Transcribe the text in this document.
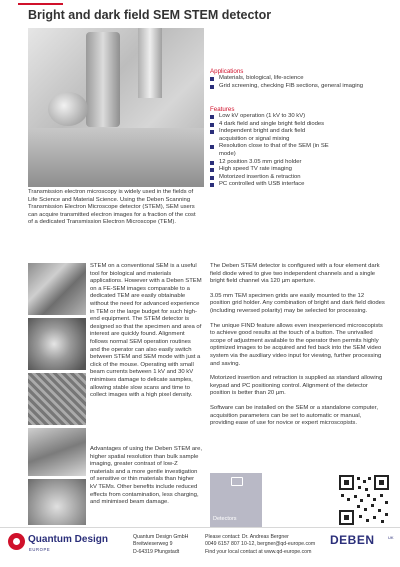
Bright and dark field SEM STEM detector
Applications
Materials, biological, life-science
Grid screening, checking FIB sections, general imaging
Features
Low kV operation (1 kV to 30 kV)
4 dark field and single bright field diodes
Independent bright and dark field acquisition or signal mixing
Resolution close to that of the SEM (in SE mode)
12 position 3.05 mm grid holder
High speed TV rate imaging
Motorized insertion & retraction
PC controlled with USB interface
Transmission electron microscopy is widely used in the fields of Life Science and Material Science. Using the Deben Scanning Transmission Electron Microscope detector (STEM), SEM users can acquire transmitted electron images for a fraction of the cost of a dedicated Transmission Electron Microscope (TEM).
STEM on a conventional SEM is a useful tool for biological and materials applications. However with a Deben STEM on a FE-SEM images comparable to a dedicated TEM are easily obtainable without the need for advanced experience in TEM or the large budget for such high-end equipment. The STEM detector is designed so that the specimen and area of interest are quickly found. Alignment follows normal SEM operation routines and the operator can also easily switch between STEM and SEM mode with just a click of the mouse. Operating with small beam currents between 1 kV and 30 kV minimises damage to delicate samples, allowing stable slow scans and time to collect images with a high pixel density.
Advantages of using the Deben STEM are, higher spatial resolution than bulk sample imaging, greater contrast of low-Z materials and a more gentle investigation of sensitive or thin materials than higher kV TEMs. Other benefits include reduced effects from contamination, less charging, and minimised beam damage.
The Deben STEM detector is configured with a four element dark field diode wired to give two independent channels and a single bright field channel via 120 µm aperture.
3.05 mm TEM specimen grids are easily mounted to the 12 position grid holder. Any combination of bright and dark field diodes (including reversed polarity) may be selected for processing.
The unique FIND feature allows even inexperienced microscopists to achieve good results at the touch of a button. The unrivalled scope of adjustment available to the operator then permits highly optimized images to be acquired and fed back into the SEM video system via the auxiliary video input for viewing, further processing and saving.
Motorized insertion and retraction is supplied as standard allowing keypad and PC positioning control. Alignment of the detector position is better than 20 µm.
Software can be installed on the SEM or a standalone computer, acquisition parameters can be set to automatic or manual, providing ease of use for novice or expert microscopists.
Detectors
Quantum Design
EUROPE
Quantum Design GmbH
Breitwieserweg 9
D-64319 Pfungstadt
Please contact: Dr. Andreas Bergner
0049 6157 807 10-12, bergner@qd-europe.com
Find your local contact at www.qd-europe.com
DEBEN	UK
